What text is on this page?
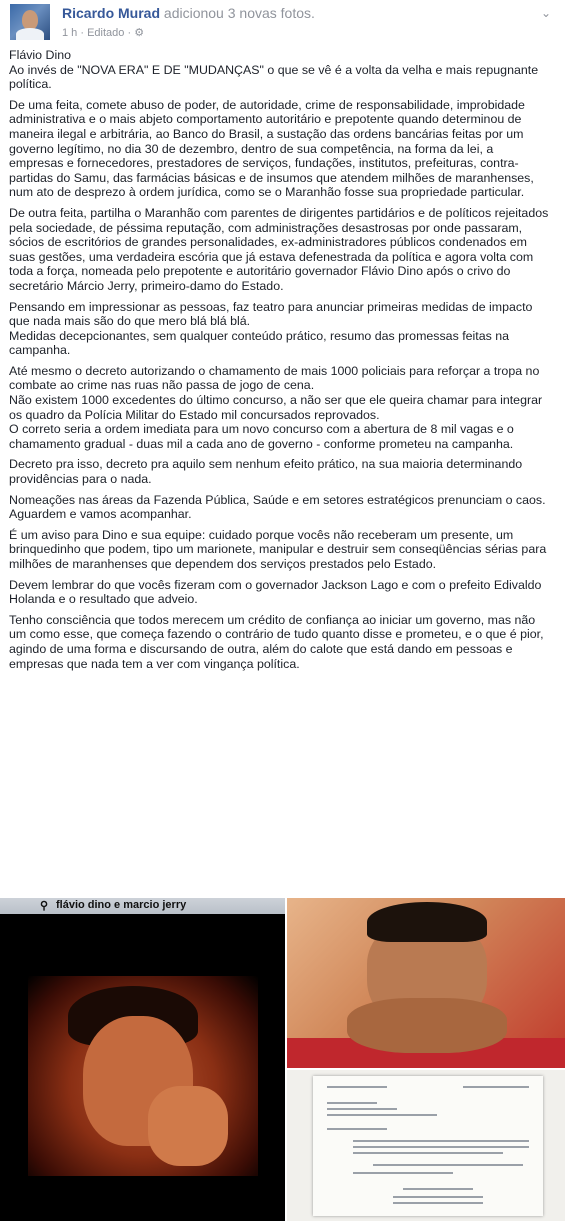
Ricardo Murad adicionou 3 novas fotos.
1 h · Editado · ⚙
⌄

Flávio Dino
Ao invés de "NOVA ERA" E DE "MUDANÇAS" o que se vê é a volta da velha e mais repugnante política.

De uma feita, comete abuso de poder, de autoridade, crime de responsabilidade, improbidade administrativa e o mais abjeto comportamento autoritário e prepotente quando determinou de maneira ilegal e arbitrária, ao Banco do Brasil, a sustação das ordens bancárias feitas por um governo legítimo, no dia 30 de dezembro, dentro de sua competência, na forma da lei, a empresas e fornecedores, prestadores de serviços, fundações, institutos, prefeituras, contra-partidas do Samu, das farmácias básicas e de insumos que atendem milhões de maranhenses, num ato de desprezo à ordem jurídica, como se o Maranhão fosse sua propriedade particular.

De outra feita, partilha o Maranhão com parentes de dirigentes partidários e de políticos rejeitados pela sociedade, de péssima reputação, com administrações desastrosas por onde passaram, sócios de escritórios de grandes personalidades, ex-administradores públicos condenados em suas gestões, uma verdadeira escória que já estava defenestrada da política e agora volta com toda a força, nomeada pelo prepotente e autoritário governador Flávio Dino após o crivo do secretário Márcio Jerry, primeiro-damo do Estado.

Pensando em impressionar as pessoas, faz teatro para anunciar primeiras medidas de impacto que nada mais são do que mero blá blá blá.
Medidas decepcionantes, sem qualquer conteúdo prático, resumo das promessas feitas na campanha.

Até mesmo o decreto autorizando o chamamento de mais 1000 policiais para reforçar a tropa no combate ao crime nas ruas não passa de jogo de cena.
Não existem 1000 excedentes do último concurso, a não ser que ele queira chamar para integrar os quadro da Polícia Militar do Estado mil concursados reprovados.
O correto seria a ordem imediata para um novo concurso com a abertura de 8 mil vagas e o chamamento gradual - duas mil a cada ano de governo - conforme prometeu na campanha.

Decreto pra isso, decreto pra aquilo sem nenhum efeito prático, na sua maioria determinando providências para o nada.

Nomeações nas áreas da Fazenda Pública, Saúde e em setores estratégicos prenunciam o caos.
Aguardem e vamos acompanhar.

É um aviso para Dino e sua equipe: cuidado porque vocês não receberam um presente, um brinquedinho que podem, tipo um marionete, manipular e destruir sem conseqüências sérias para milhões de maranhenses que dependem dos serviços prestados pelo Estado.

Devem lembrar do que vocês fizeram com o governador Jackson Lago e com o prefeito Edivaldo Holanda e o resultado que adveio.

Tenho consciência que todos merecem um crédito de confiança ao iniciar um governo, mas não um como esse, que começa fazendo o contrário de tudo quanto disse e prometeu, e o que é pior, agindo de uma forma e discursando de outra, além do calote que está dando em pessoas e empresas que nada tem a ver com vingança política.

⚲ flávio dino e marcio jerry
